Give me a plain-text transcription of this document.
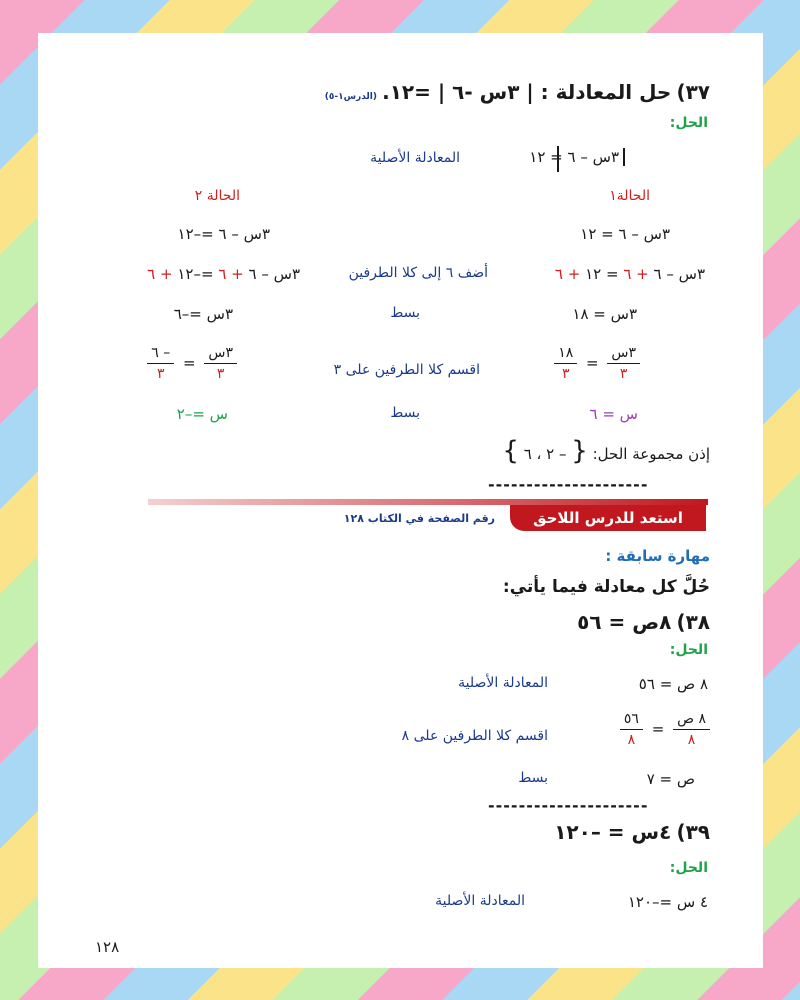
٣٧) حل المعادلة : | ٣س -٦ | =١٢. (الدرس١-٥)
الحل:
٣س – ٦ = ١٢
المعادلة الأصلية
الحالة١
الحالة ٢
٣س – ٦ = ١٢
٣س – ٦ =–١٢
٣س – ٦ + ٦ = ١٢ + ٦
أضف ٦ إلى كلا الطرفين
٣س – ٦ + ٦ =–١٢ + ٦
٣س = ١٨
بسط
٣س =–٦
$\frac{\text{٣س}}{٣}$
=
$\frac{١٨}{٣}$
اقسم كلا الطرفين على ٣
$\frac{\text{٣س}}{٣}$
=
$\frac{- ٦}{٣}$
س = ٦
بسط
س =–٢
إذن مجموعة الحل: { – ٢ ، ٦ }
---------------------
استعد للدرس اللاحق
رقم الصفحة في الكتاب ١٢٨
مهارة سابقة :
حُلَّ كل معادلة فيما يأتي:
٣٨) ٨ص = ٥٦
الحل:
٨ ص = ٥٦
المعادلة الأصلية
$\frac{\text{٨ ص}}{٨}$
=
$\frac{٥٦}{٨}$
اقسم كلا الطرفين على ٨
ص = ٧
بسط
---------------------
٣٩) ٤س = –١٢٠
الحل:
٤ س =–١٢٠
المعادلة الأصلية
١٢٨
